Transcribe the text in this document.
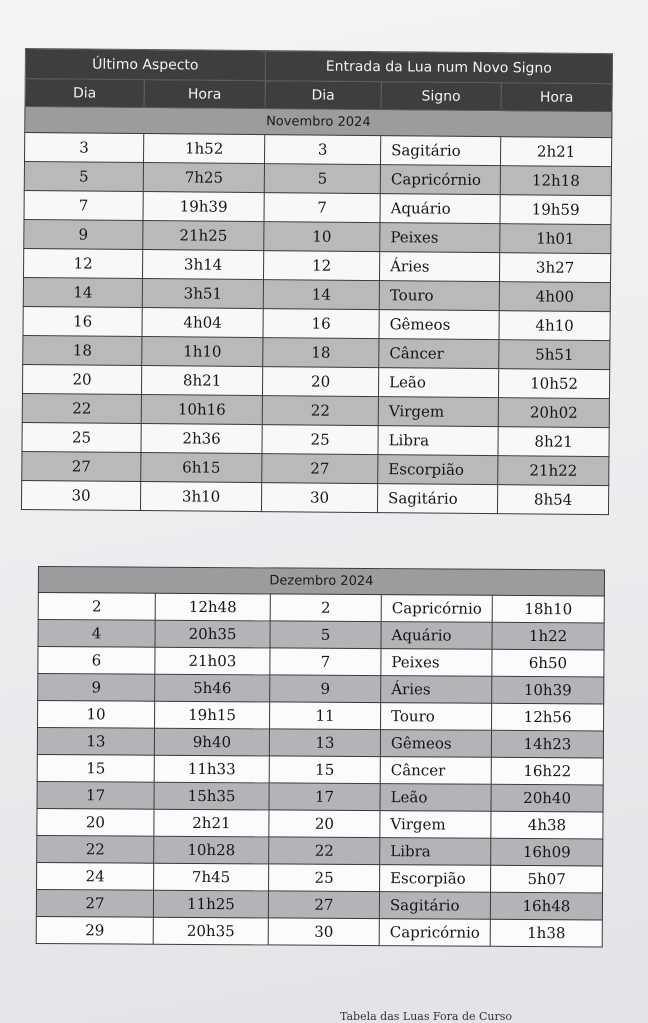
Último Aspecto		Entrada da Lua num Novo Signo		
Dia	Hora	Dia	Signo	Hora
Novembro 2024				
3	1h52	3	Sagitário	2h21
5	7h25	5	Capricórnio	12h18
7	19h39	7	Aquário	19h59
9	21h25	10	Peixes	1h01
12	3h14	12	Áries	3h27
14	3h51	14	Touro	4h00
16	4h04	16	Gêmeos	4h10
18	1h10	18	Câncer	5h51
20	8h21	20	Leão	10h52
22	10h16	22	Virgem	20h02
25	2h36	25	Libra	8h21
27	6h15	27	Escorpião	21h22
30	3h10	30	Sagitário	8h54
Dezembro 2024				
2	12h48	2	Capricórnio	18h10
4	20h35	5	Aquário	1h22
6	21h03	7	Peixes	6h50
9	5h46	9	Áries	10h39
10	19h15	11	Touro	12h56
13	9h40	13	Gêmeos	14h23
15	11h33	15	Câncer	16h22
17	15h35	17	Leão	20h40
20	2h21	20	Virgem	4h38
22	10h28	22	Libra	16h09
24	7h45	25	Escorpião	5h07
27	11h25	27	Sagitário	16h48
29	20h35	30	Capricórnio	1h38
Tabela das Luas Fora de Curso
